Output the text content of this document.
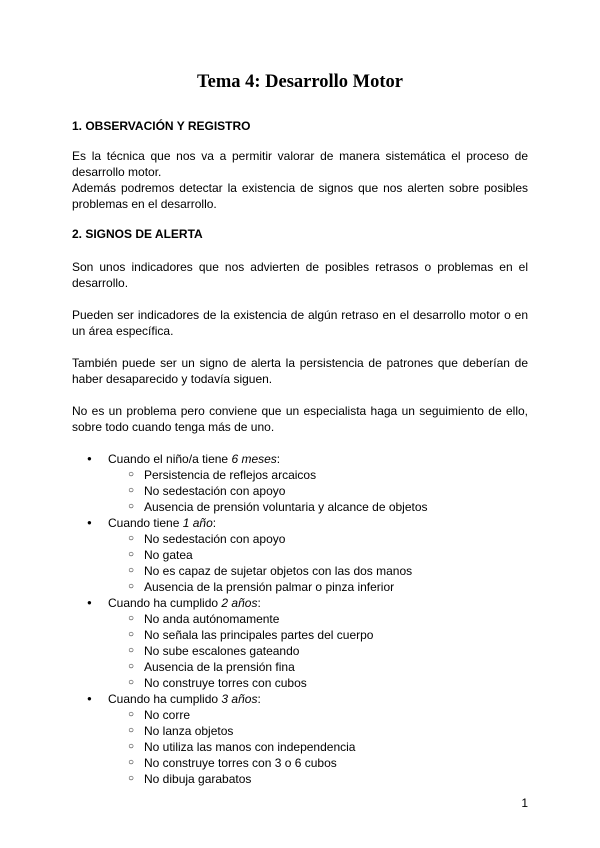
Tema 4: Desarrollo Motor
1. OBSERVACIÓN Y REGISTRO

Es la técnica que nos va a permitir valorar de manera sistemática el proceso de desarrollo motor.

Además podremos detectar la existencia de signos que nos alerten sobre posibles problemas en el desarrollo.

2. SIGNOS DE ALERTA

Son unos indicadores que nos advierten de posibles retrasos o problemas en el desarrollo.

Pueden ser indicadores de la existencia de algún retraso en el desarrollo motor o en un área específica.

También puede ser un signo de alerta la persistencia de patrones que deberían de haber desaparecido y todavía siguen.

No es un problema pero conviene que un especialista haga un seguimiento de ello, sobre todo cuando tenga más de uno.

● Cuando el niño/a tiene 6 meses:
○ Persistencia de reflejos arcaicos
○ No sedestación con apoyo
○ Ausencia de prensión voluntaria y alcance de objetos
● Cuando tiene 1 año:
○ No sedestación con apoyo
○ No gatea
○ No es capaz de sujetar objetos con las dos manos
○ Ausencia de la prensión palmar o pinza inferior
● Cuando ha cumplido 2 años:
○ No anda autónomamente
○ No señala las principales partes del cuerpo
○ No sube escalones gateando
○ Ausencia de la prensión fina
○ No construye torres con cubos
● Cuando ha cumplido 3 años:
○ No corre
○ No lanza objetos
○ No utiliza las manos con independencia
○ No construye torres con 3 o 6 cubos
○ No dibuja garabatos
1
